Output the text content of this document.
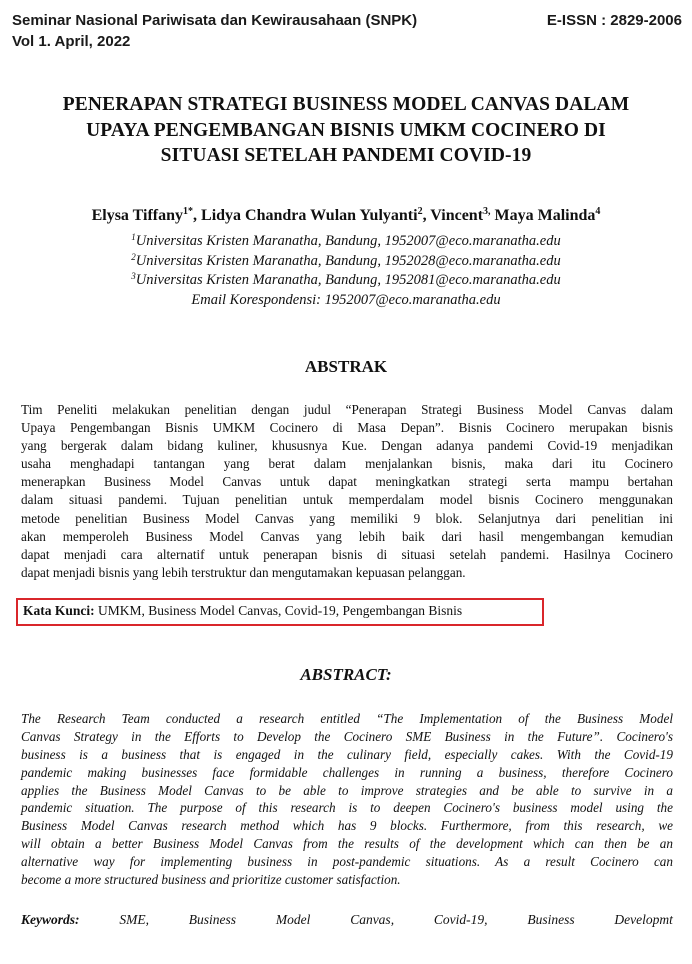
Seminar Nasional Pariwisata dan Kewirausahaan (SNPK)
Vol 1. April, 2022
E-ISSN : 2829-2006
PENERAPAN STRATEGI BUSINESS MODEL CANVAS DALAM
UPAYA PENGEMBANGAN BISNIS UMKM COCINERO DI
SITUASI SETELAH PANDEMI COVID-19
Elysa Tiffany$^{1*}$, Lidya Chandra Wulan Yulyanti$^2$, Vincent$^{3,}$ Maya Malinda$^4$
$^1$Universitas Kristen Maranatha, Bandung, 1952007@eco.maranatha.edu
$^2$Universitas Kristen Maranatha, Bandung, 1952028@eco.maranatha.edu
$^3$Universitas Kristen Maranatha, Bandung, 1952081@eco.maranatha.edu
Email Korespondensi: 1952007@eco.maranatha.edu
ABSTRAK
Tim Peneliti melakukan penelitian dengan judul “Penerapan Strategi Business Model Canvas dalam
Upaya Pengembangan Bisnis UMKM Cocinero di Masa Depan”. Bisnis Cocinero merupakan bisnis
yang bergerak dalam bidang kuliner, khususnya Kue. Dengan adanya pandemi Covid-19 menjadikan
usaha menghadapi tantangan yang berat dalam menjalankan bisnis, maka dari itu Cocinero
menerapkan Business Model Canvas untuk dapat meningkatkan strategi serta mampu bertahan
dalam situasi pandemi. Tujuan penelitian untuk memperdalam model bisnis Cocinero menggunakan
metode penelitian Business Model Canvas yang memiliki 9 blok. Selanjutnya dari penelitian ini
akan memperoleh Business Model Canvas yang lebih baik dari hasil mengembangan kemudian
dapat menjadi cara alternatif untuk penerapan bisnis di situasi setelah pandemi. Hasilnya Cocinero
dapat menjadi bisnis yang lebih terstruktur dan mengutamakan kepuasan pelanggan.
Kata Kunci: UMKM, Business Model Canvas, Covid-19, Pengembangan Bisnis
ABSTRACT:
The Research Team conducted a research entitled “The Implementation of the Business Model
Canvas Strategy in the Efforts to Develop the Cocinero SME Business in the Future”. Cocinero's
business is a business that is engaged in the culinary field, especially cakes. With the Covid-19
pandemic making businesses face formidable challenges in running a business, therefore Cocinero
applies the Business Model Canvas to be able to improve strategies and be able to survive in a
pandemic situation. The purpose of this research is to deepen Cocinero's business model using the
Business Model Canvas research method which has 9 blocks. Furthermore, from this research, we
will obtain a better Business Model Canvas from the results of the development which can then be an
alternative way for implementing business in post-pandemic situations. As a result Cocinero can
become a more structured business and prioritize customer satisfaction.
Keywords:	SME,	Business	Model	Canvas,	Covid-19,	Business	Developmt
